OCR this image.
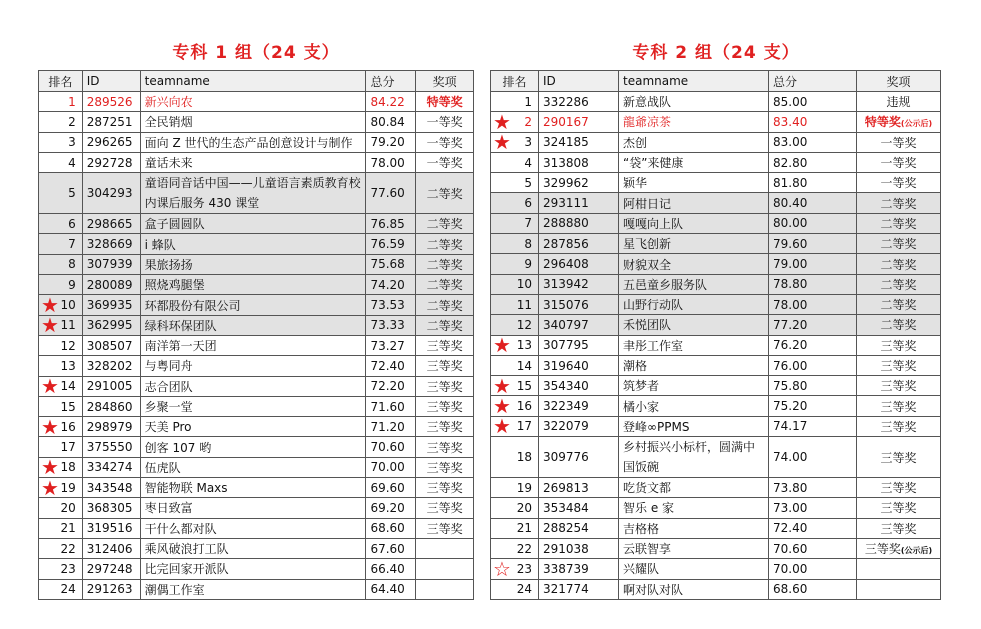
专科 1 组（24 支）
排名	ID	teamname	总分	奖项
1	289526	新兴向农	84.22	特等奖
2	287251	全民销烟	80.84	一等奖
3	296265	面向 Z 世代的生态产品创意设计与制作	79.20	一等奖
4	292728	童话未来	78.00	一等奖
5	304293	童语同音话中国——儿童语言素质教育校内课后服务 430 课堂	77.60	二等奖
6	298665	盒子圆圆队	76.85	二等奖
7	328669	i 蜂队	76.59	二等奖
8	307939	果旅扬扬	75.68	二等奖
9	280089	照烧鸡腿堡	74.20	二等奖

★ 10	369935	环都股份有限公司	73.53	二等奖

★ 11	362995	绿科环保团队	73.33	二等奖
12	308507	南洋第一天团	73.27	三等奖
13	328202	与粤同舟	72.40	三等奖

★ 14	291005	志合团队	72.20	三等奖
15	284860	乡聚一堂	71.60	三等奖

★ 16	298979	天美 Pro	71.20	三等奖
17	375550	创客 107 哟	70.60	三等奖

★ 18	334274	伍虎队	70.00	三等奖

★ 19	343548	智能物联 Maxs	69.60	三等奖
20	368305	枣日致富	69.20	三等奖
21	319516	干什么都对队	68.60	三等奖
22	312406	乘风破浪打工队	67.60	
23	297248	比完回家开派队	66.40	
24	291263	潮偶工作室	64.40	
专科 2 组（24 支）
排名	ID	teamname	总分	奖项
1	332286	新意战队	85.00	违规

★ 2	290167	龍爺凉茶	83.40	特等奖(公示后)

★ 3	324185	杰创	83.00	一等奖
4	313808	“袋”来健康	82.80	一等奖
5	329962	颖华	81.80	一等奖
6	293111	阿柑日记	80.40	二等奖
7	288880	嘎嘎向上队	80.00	二等奖
8	287856	星飞创新	79.60	二等奖
9	296408	财貌双全	79.00	二等奖
10	313942	五邑童乡服务队	78.80	二等奖
11	315076	山野行动队	78.00	二等奖
12	340797	禾悦团队	77.20	二等奖

★ 13	307795	聿彤工作室	76.20	三等奖
14	319640	潮格	76.00	三等奖

★ 15	354340	筑梦者	75.80	三等奖

★ 16	322349	橘小家	75.20	三等奖

★ 17	322079	登峰∞PPMS	74.17	三等奖
18	309776	乡村振兴小标杆，圆满中国饭碗	74.00	三等奖
19	269813	吃货文都	73.80	三等奖
20	353484	智乐 e 家	73.00	三等奖
21	288254	吉格格	72.40	三等奖
22	291038	云联智享	70.60	三等奖(公示后)

☆ 23	338739	兴耀队	70.00	
24	321774	啊对队对队	68.60	
